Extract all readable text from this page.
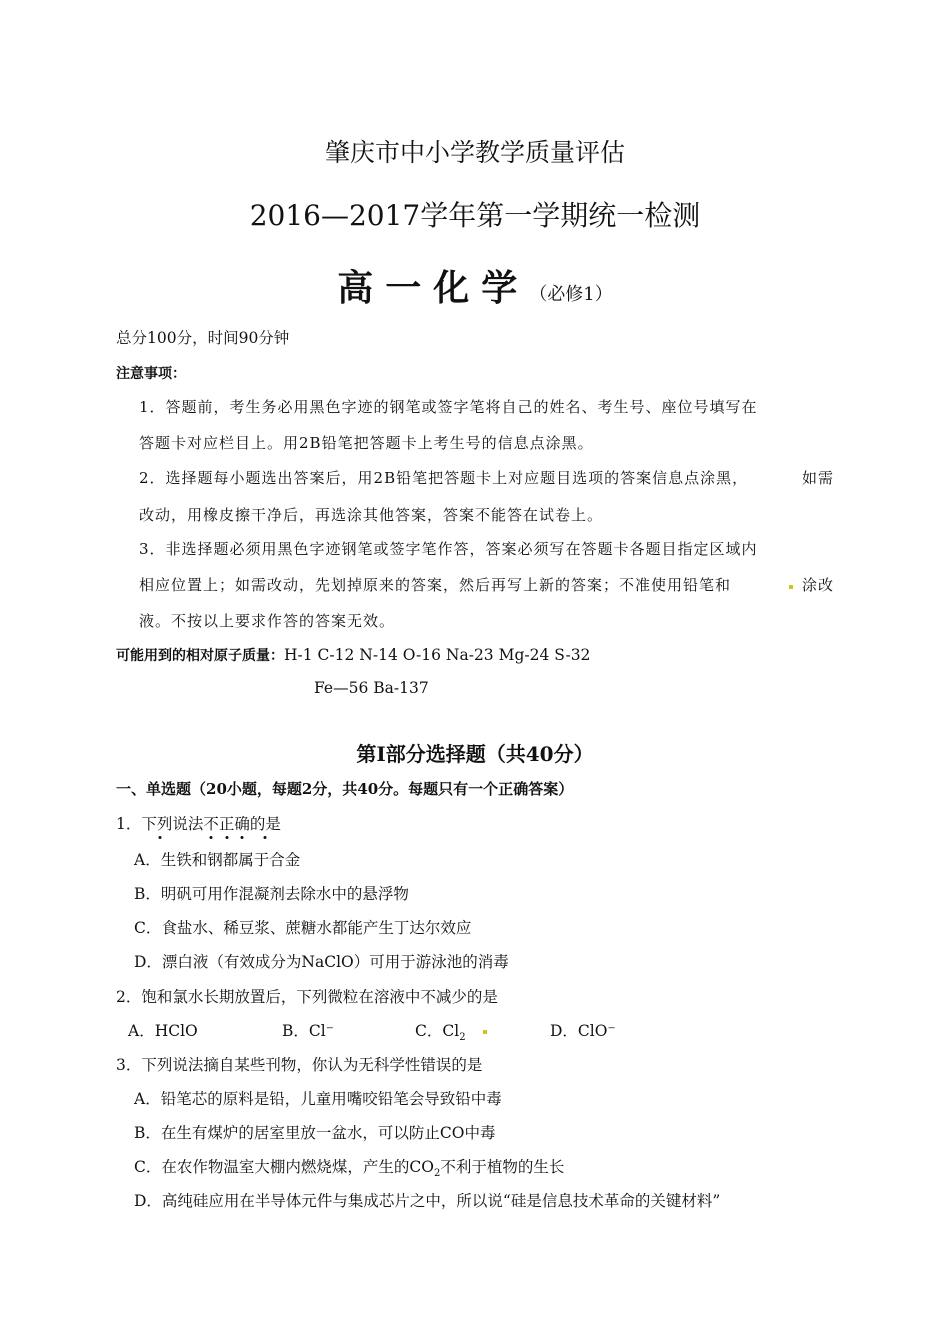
肇庆市中小学教学质量评估
2016—2017学年第一学期统一检测
高一化学（必修1）
总分100分，时间90分钟
注意事项：
1．答题前，考生务必用黑色字迹的钢笔或签字笔将自己的姓名、考生号、座位号填写在
答题卡对应栏目上。用2B铅笔把答题卡上考生号的信息点涂黑。
2．选择题每小题选出答案后，用2B铅笔把答题卡上对应题目选项的答案信息点涂黑，	如需
改动，用橡皮擦干净后，再选涂其他答案，答案不能答在试卷上。
3．非选择题必须用黑色字迹钢笔或签字笔作答，答案必须写在答题卡各题目指定区域内
相应位置上；如需改动，先划掉原来的答案，然后再写上新的答案；不准使用铅笔和	涂改
液。不按以上要求作答的答案无效。
可能用到的相对原子质量：H-1 C-12 N-14 O-16 Na-23 Mg-24 S-32
Fe—56 Ba-137
第Ⅰ部分选择题（共40分）
一、单选题（20小题，每题2分，共40分。每题只有一个正确答案）
1．下列说法不正确的是
A．生铁和钢都属于合金
B．明矾可用作混凝剂去除水中的悬浮物
C．食盐水、稀豆浆、蔗糖水都能产生丁达尔效应
D．漂白液（有效成分为NaClO）可用于游泳池的消毒
2．饱和氯水长期放置后，下列微粒在溶液中不减少的是
A．HClO	B．Cl⁻	C．$Cl_2$	D．ClO⁻
3．下列说法摘自某些刊物，你认为无科学性错误的是
A．铅笔芯的原料是铅，儿童用嘴咬铅笔会导致铅中毒
B．在生有煤炉的居室里放一盆水，可以防止CO中毒
C．在农作物温室大棚内燃烧煤，产生的$CO_2$不利于植物的生长
D．高纯硅应用在半导体元件与集成芯片之中，所以说“硅是信息技术革命的关键材料”
